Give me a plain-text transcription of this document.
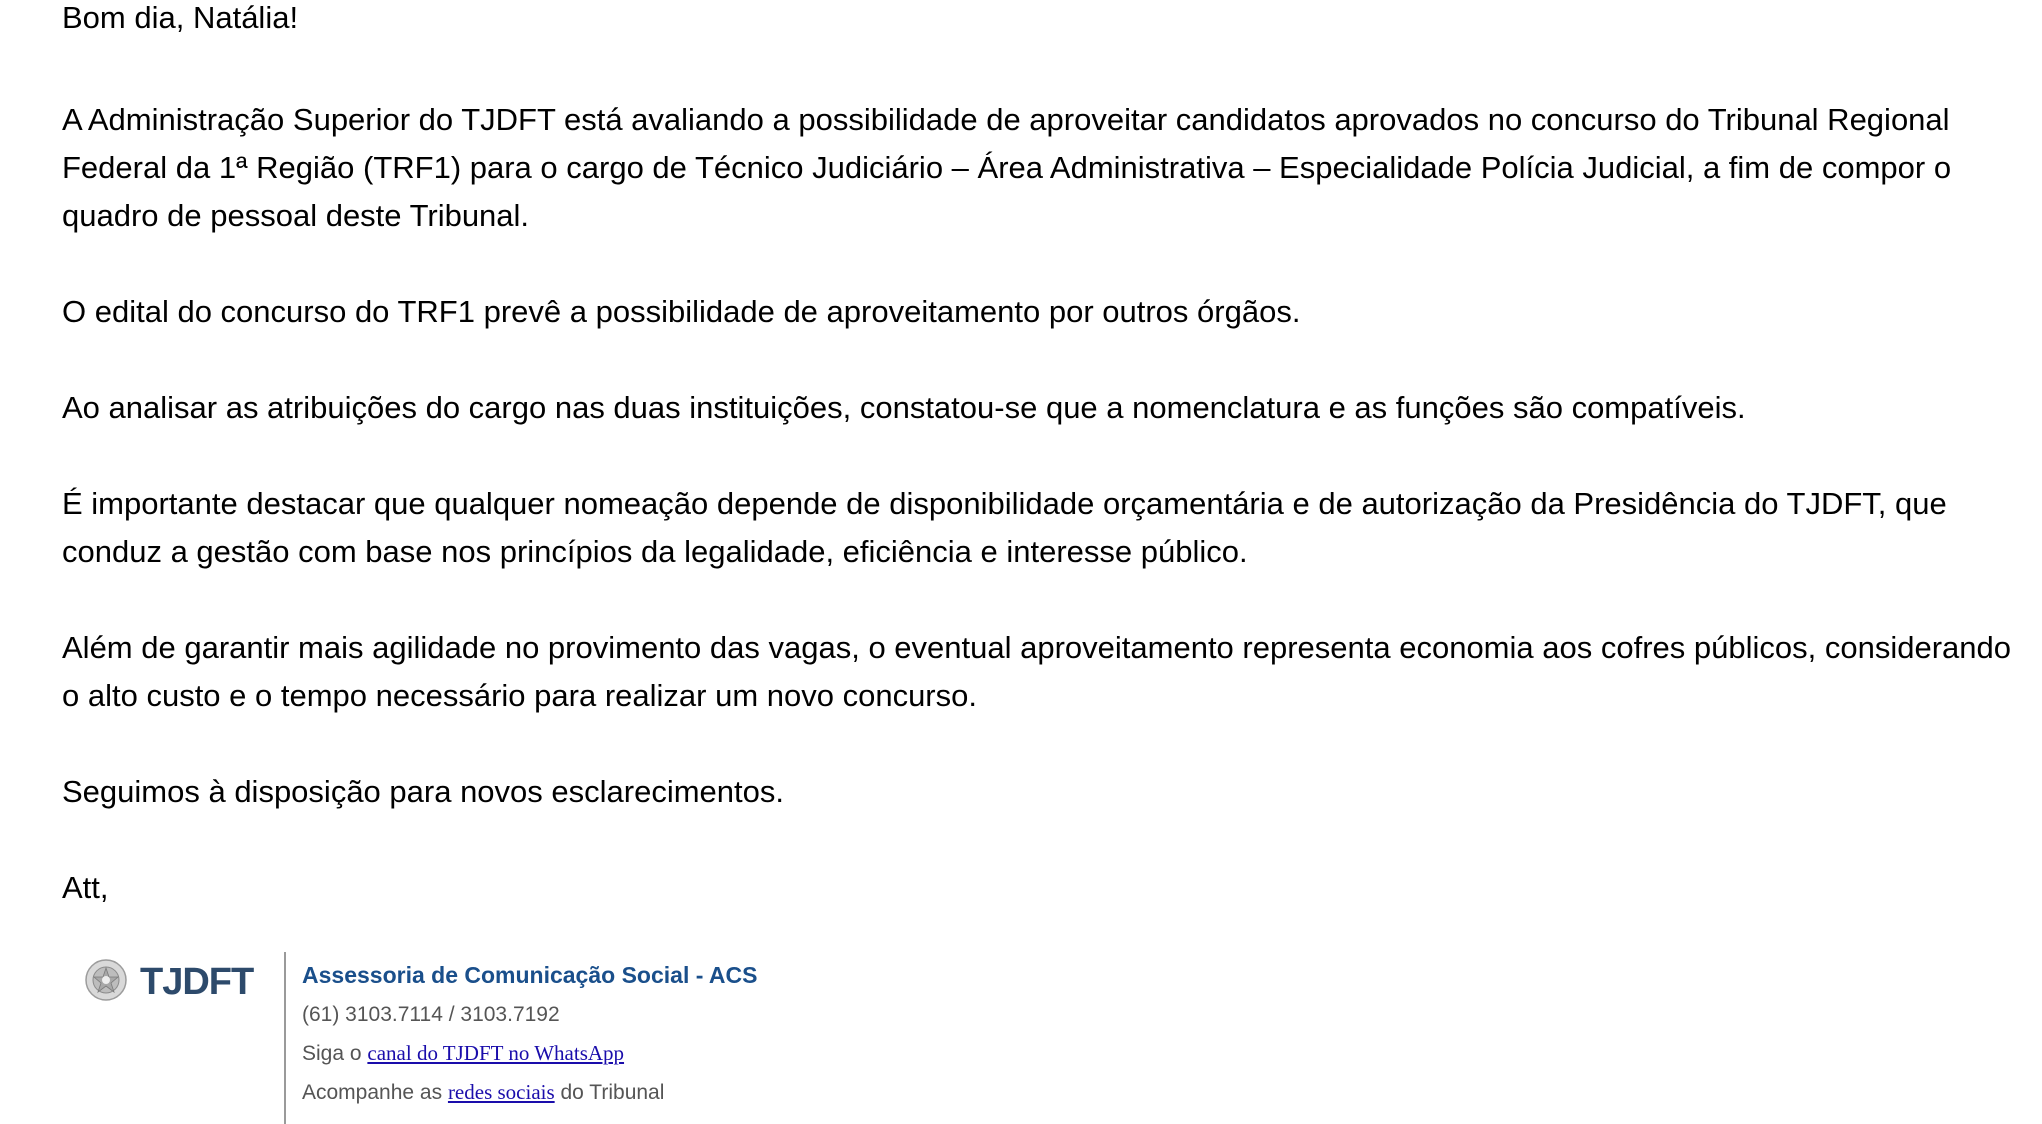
Bom dia, Natália!

A Administração Superior do TJDFT está avaliando a possibilidade de aproveitar candidatos aprovados no concurso do Tribunal Regional Federal da 1ª Região (TRF1) para o cargo de Técnico Judiciário – Área Administrativa – Especialidade Polícia Judicial, a fim de compor o quadro de pessoal deste Tribunal.

O edital do concurso do TRF1 prevê a possibilidade de aproveitamento por outros órgãos.

Ao analisar as atribuições do cargo nas duas instituições, constatou-se que a nomenclatura e as funções são compatíveis.

É importante destacar que qualquer nomeação depende de disponibilidade orçamentária e de autorização da Presidência do TJDFT, que conduz a gestão com base nos princípios da legalidade, eficiência e interesse público.

Além de garantir mais agilidade no provimento das vagas, o eventual aproveitamento representa economia aos cofres públicos, considerando o alto custo e o tempo necessário para realizar um novo concurso.

Seguimos à disposição para novos esclarecimentos.

Att,

TJDFT Assessoria de Comunicação Social - ACS
(61) 3103.7114 / 3103.7192
Siga o canal do TJDFT no WhatsApp
Acompanhe as redes sociais do Tribunal
